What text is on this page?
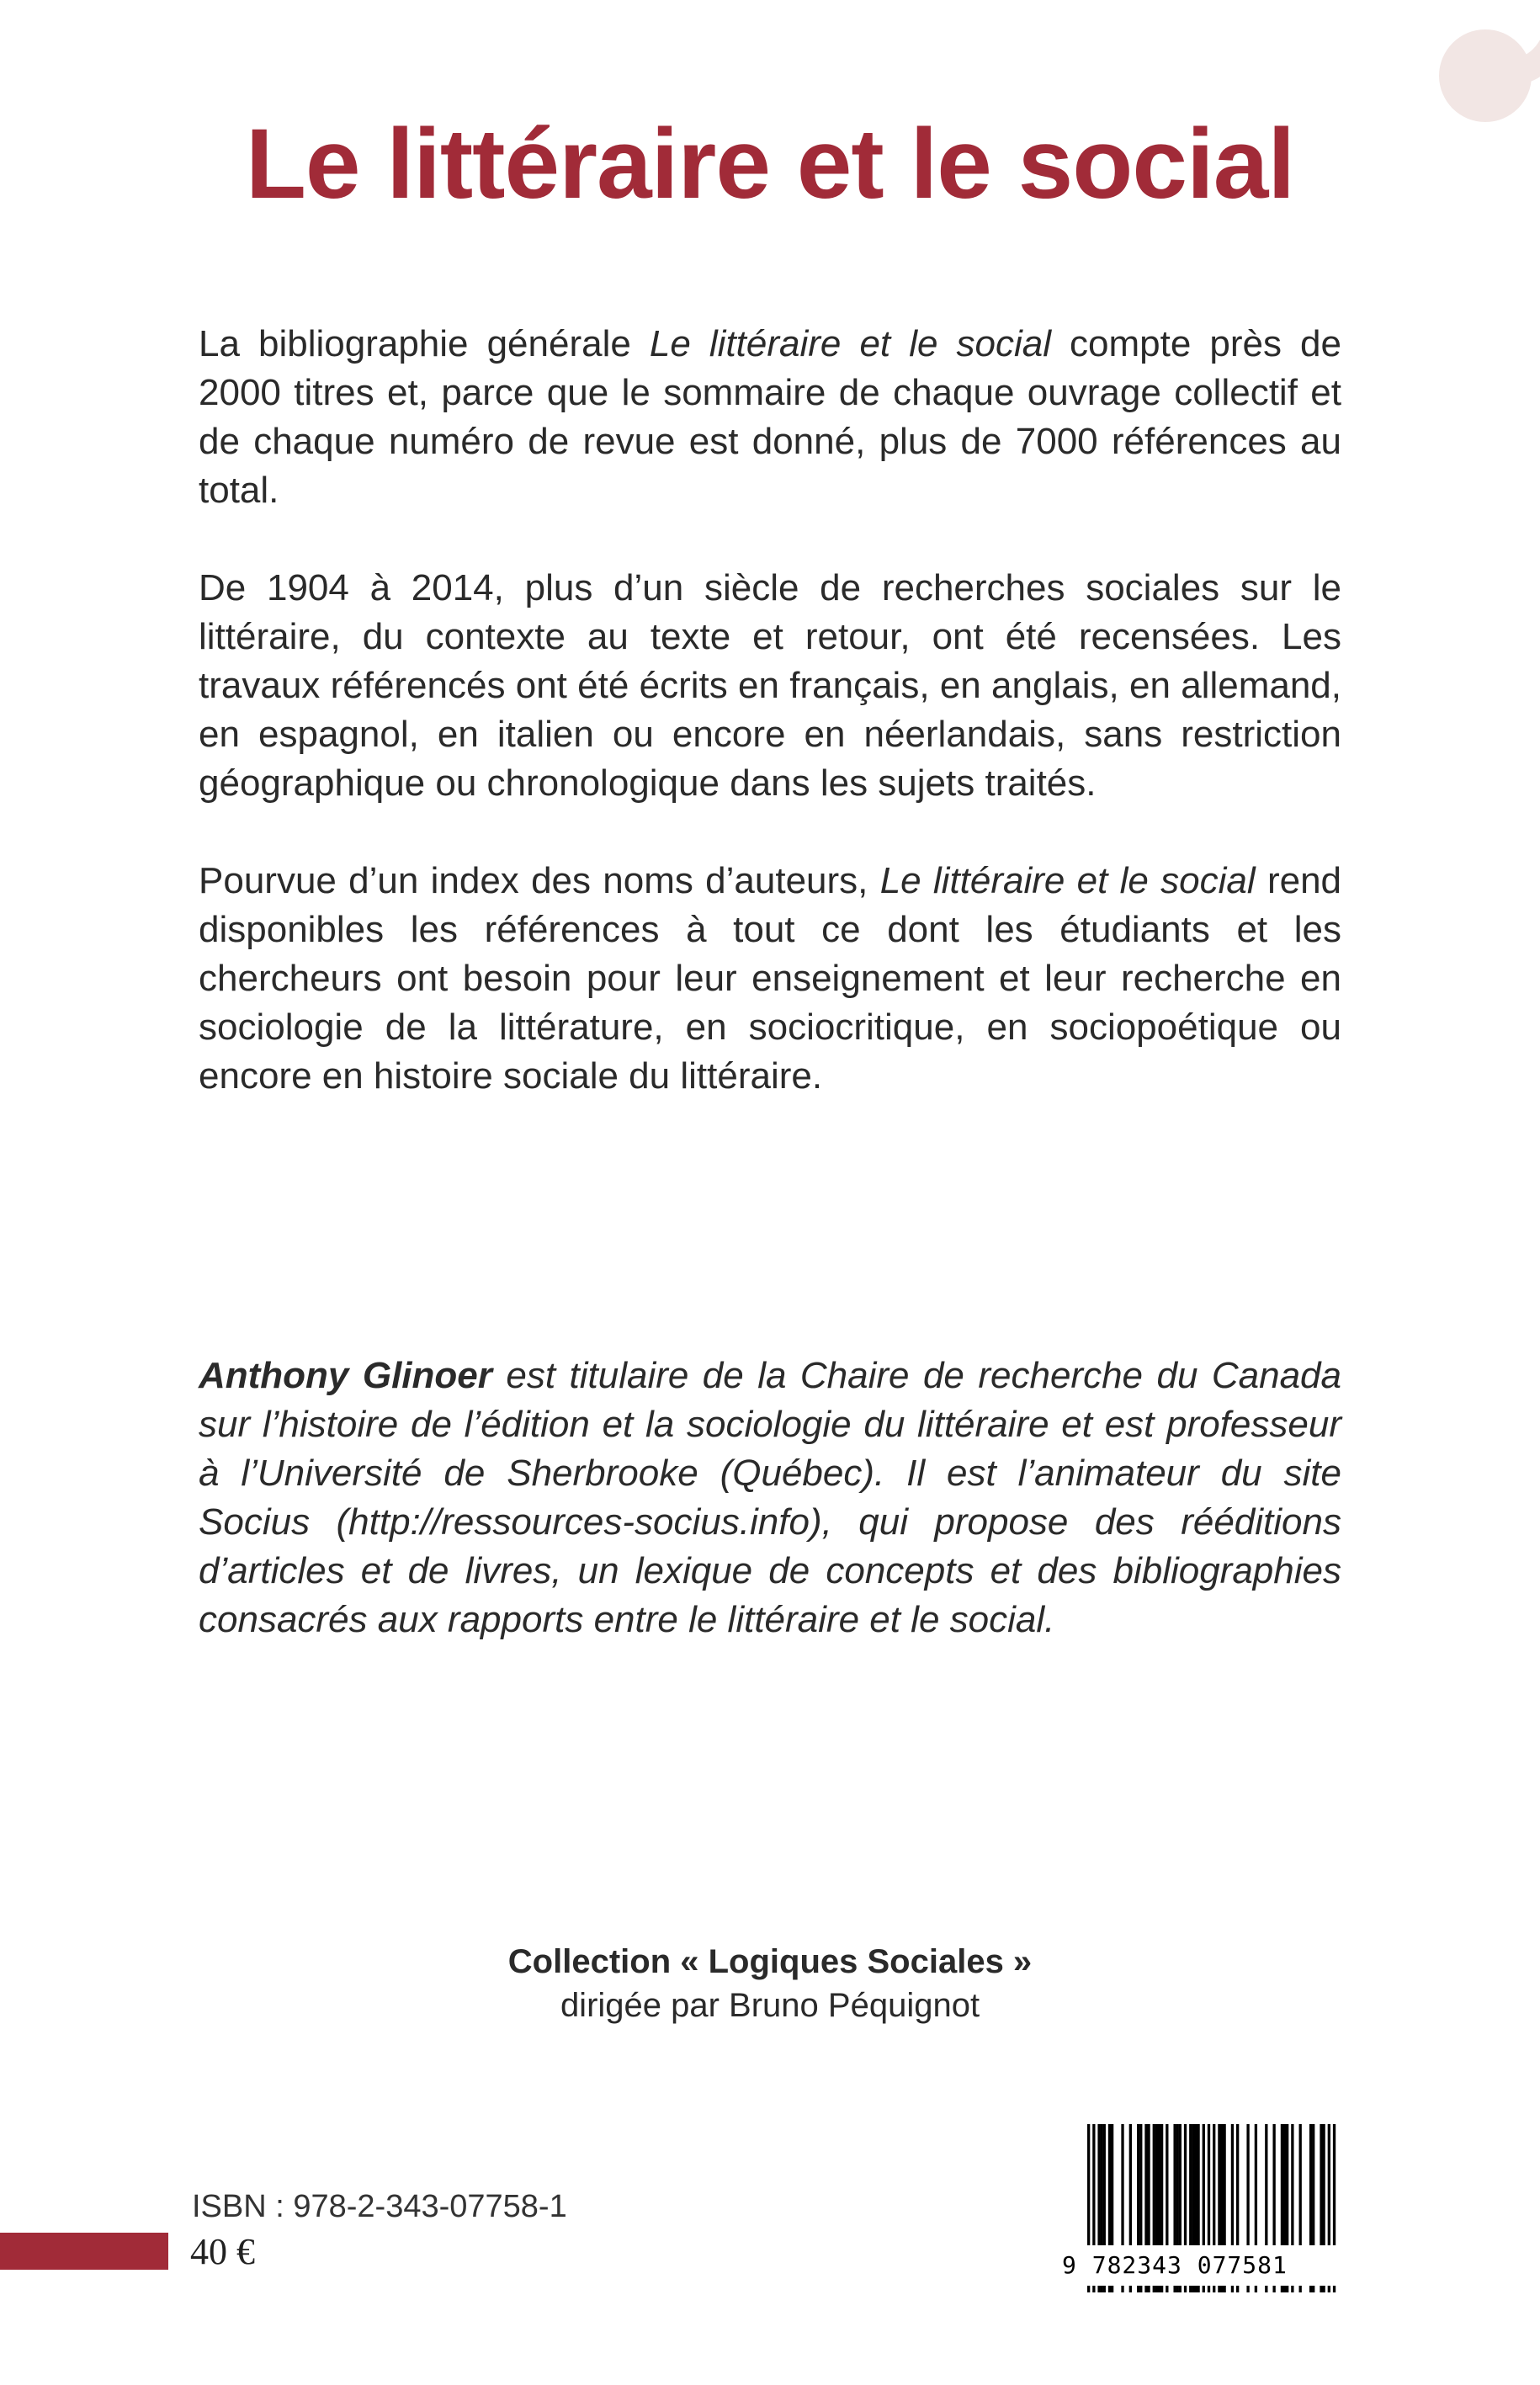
Le littéraire et le social

La bibliographie générale Le littéraire et le social compte près de 2000 titres et, parce que le sommaire de chaque ouvrage collectif et de chaque numéro de revue est donné, plus de 7000 références au total.

De 1904 à 2014, plus d’un siècle de recherches sociales sur le littéraire, du contexte au texte et retour, ont été recensées. Les travaux référencés ont été écrits en français, en anglais, en allemand, en espagnol, en italien ou encore en néerlandais, sans restriction géographique ou chronologique dans les sujets traités.

Pourvue d’un index des noms d’auteurs, Le littéraire et le social rend disponibles les références à tout ce dont les étudiants et les chercheurs ont besoin pour leur enseignement et leur recherche en sociologie de la littérature, en sociocritique, en sociopoétique ou encore en histoire sociale du littéraire.

Anthony Glinoer est titulaire de la Chaire de recherche du Canada sur l’histoire de l’édition et la sociologie du littéraire et est professeur à l’Université de Sherbrooke (Québec). Il est l’animateur du site Socius (http://ressources-socius.info), qui propose des rééditions d’articles et de livres, un lexique de concepts et des bibliographies consacrés aux rapports entre le littéraire et le social.

Collection « Logiques Sociales »
dirigée par Bruno Péquignot
ISBN : 978-2-343-07758-1
40 €	9 782343 077581
